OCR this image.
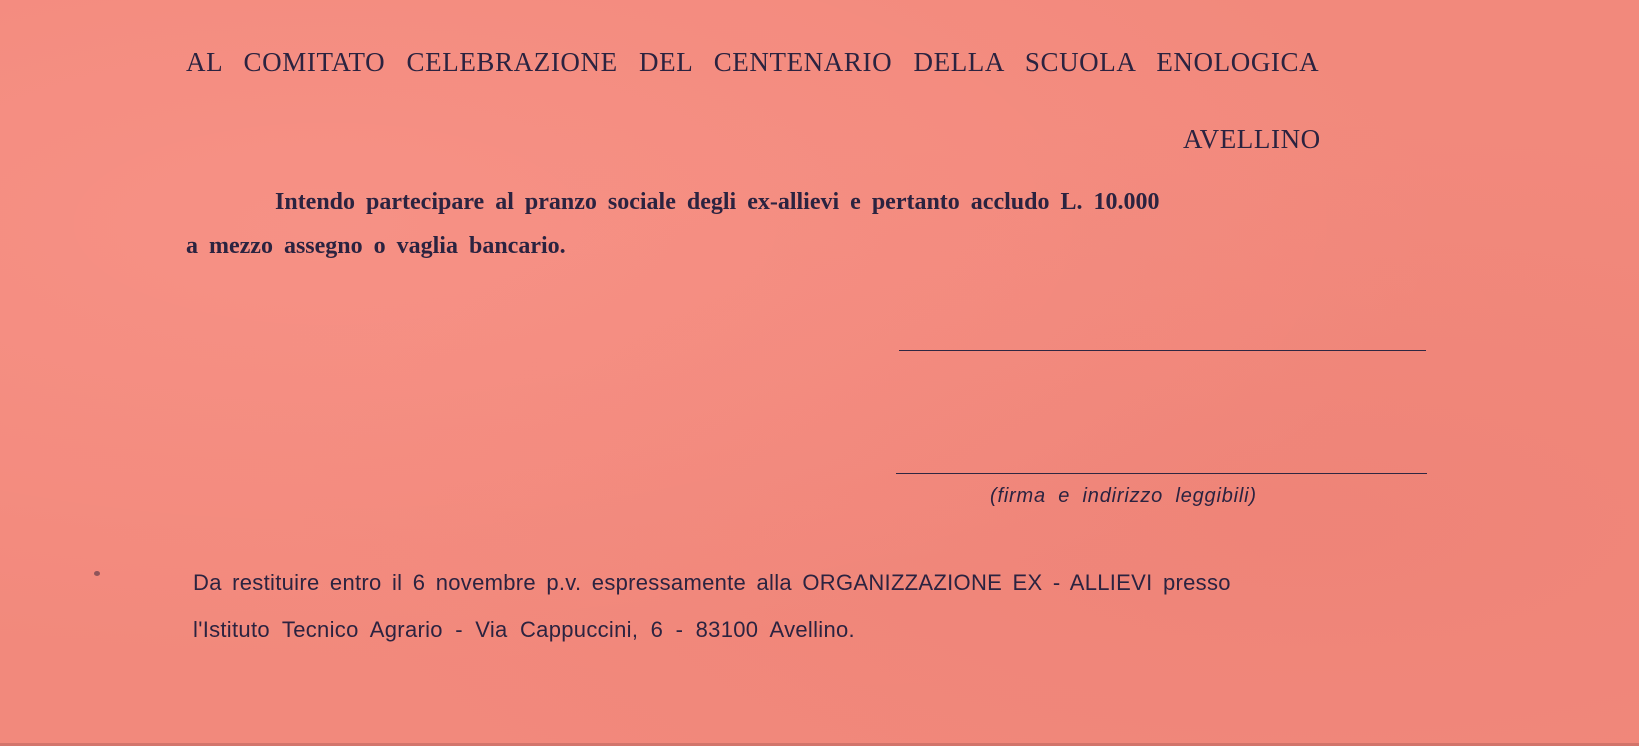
AL COMITATO CELEBRAZIONE DEL CENTENARIO DELLA SCUOLA ENOLOGICA
AVELLINO
Intendo partecipare al pranzo sociale degli ex-allievi e pertanto accludo L. 10.000
a mezzo assegno o vaglia bancario.
(firma e indirizzo leggibili)
Da restituire entro il 6 novembre p.v. espressamente alla ORGANIZZAZIONE EX - ALLIEVI presso
l'Istituto Tecnico Agrario - Via Cappuccini, 6 - 83100 Avellino.
